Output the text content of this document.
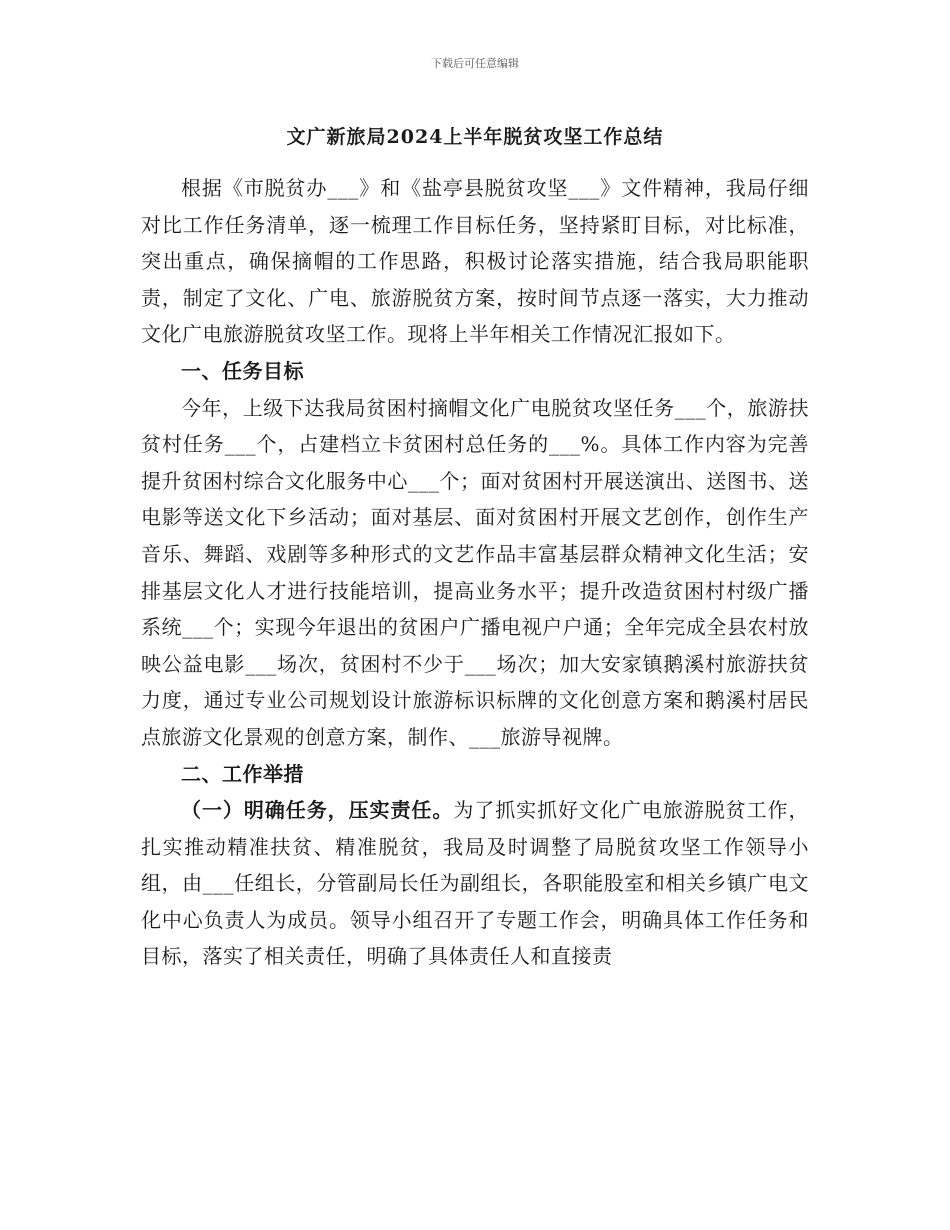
下载后可任意编辑
文广新旅局2024上半年脱贫攻坚工作总结

根据《市脱贫办___》和《盐亭县脱贫攻坚___》文件精神，我局仔细对比工作任务清单，逐一梳理工作目标任务，坚持紧盯目标，对比标准，突出重点，确保摘帽的工作思路，积极讨论落实措施，结合我局职能职责，制定了文化、广电、旅游脱贫方案，按时间节点逐一落实，大力推动文化广电旅游脱贫攻坚工作。现将上半年相关工作情况汇报如下。

一、任务目标

今年，上级下达我局贫困村摘帽文化广电脱贫攻坚任务___个，旅游扶贫村任务___个，占建档立卡贫困村总任务的___%。具体工作内容为完善提升贫困村综合文化服务中心___个；面对贫困村开展送演出、送图书、送电影等送文化下乡活动；面对基层、面对贫困村开展文艺创作，创作生产音乐、舞蹈、戏剧等多种形式的文艺作品丰富基层群众精神文化生活；安排基层文化人才进行技能培训，提高业务水平；提升改造贫困村村级广播系统___个；实现今年退出的贫困户广播电视户户通；全年完成全县农村放映公益电影___场次，贫困村不少于___场次；加大安家镇鹅溪村旅游扶贫力度，通过专业公司规划设计旅游标识标牌的文化创意方案和鹅溪村居民点旅游文化景观的创意方案，制作、___旅游导视牌。

二、工作举措

（一）明确任务，压实责任。为了抓实抓好文化广电旅游脱贫工作，扎实推动精准扶贫、精准脱贫，我局及时调整了局脱贫攻坚工作领导小组，由___任组长，分管副局长任为副组长，各职能股室和相关乡镇广电文化中心负责人为成员。领导小组召开了专题工作会，明确具体工作任务和目标，落实了相关责任，明确了具体责任人和直接责
